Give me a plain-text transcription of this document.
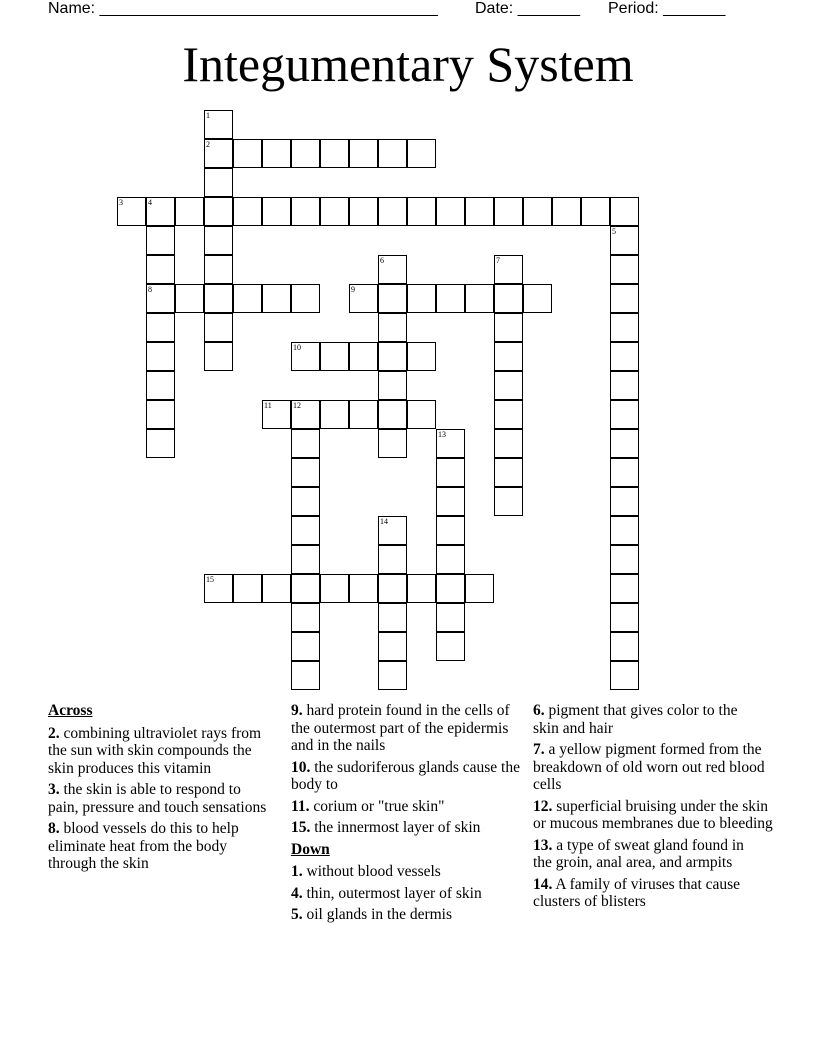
Name: ______________________________________ Date: _______ Period: _______
Integumentary System
1
2
3	4
8
5
6	7
9
10
11	12
13
14
15
Across
2. combining ultraviolet rays from the sun with skin compounds the skin produces this vitamin
3. the skin is able to respond to pain, pressure and touch sensations
8. blood vessels do this to help eliminate heat from the body through the skin
9. hard protein found in the cells of the outermost part of the epidermis and in the nails
10. the sudoriferous glands cause the body to
11. corium or "true skin"
15. the innermost layer of skin
Down
1. without blood vessels
4. thin, outermost layer of skin
5. oil glands in the dermis
6. pigment that gives color to the skin and hair
7. a yellow pigment formed from the breakdown of old worn out red blood cells
12. superficial bruising under the skin or mucous membranes due to bleeding
13. a type of sweat gland found in the groin, anal area, and armpits
14. A family of viruses that cause clusters of blisters
